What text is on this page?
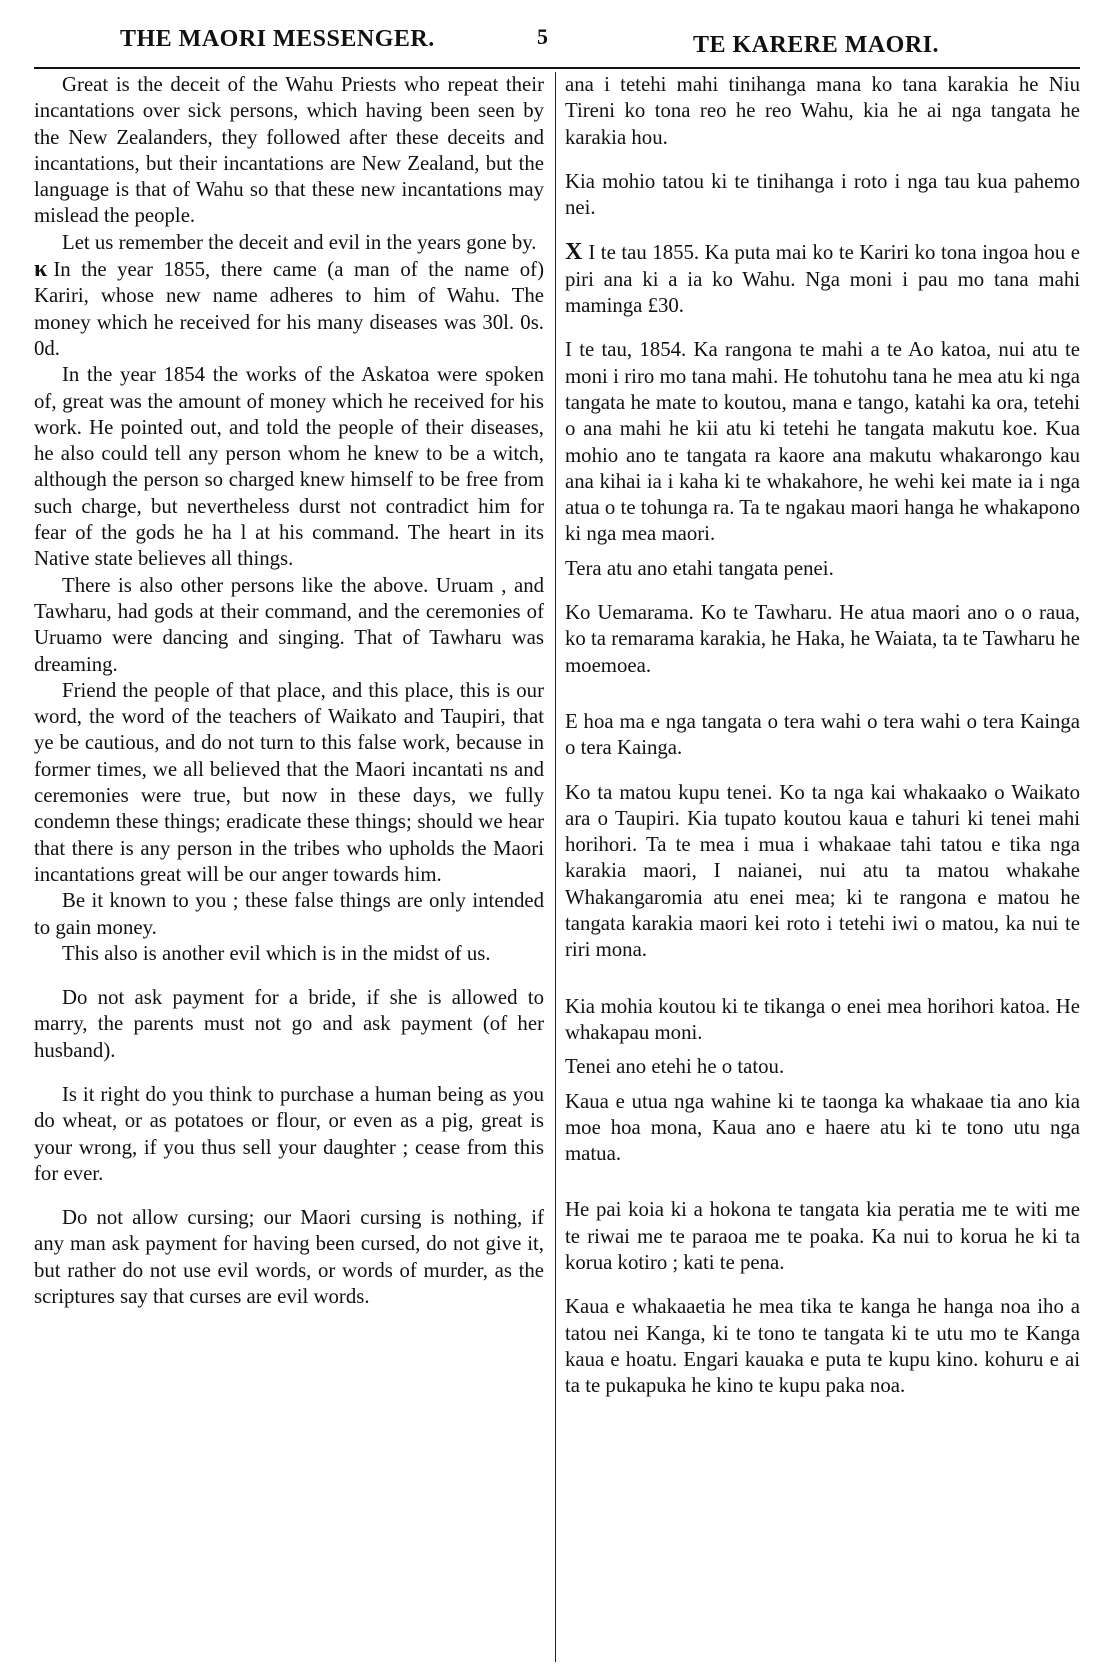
THE MAORI MESSENGER.	5	TE KARERE MAORI.

Great is the deceit of the Wahu Priests who repeat their incantations over sick persons, which having been seen by the New Zealanders, they followed after these deceits and incantations, but their incantations are New Zealand, but the language is that of Wahu so that these new incantations may mislead the people.

Let us remember the deceit and evil in the years gone by.

κ In the year 1855, there came (a man of the name of) Kariri, whose new name adheres to him of Wahu. The money which he received for his many diseases was 30l. 0s. 0d.

In the year 1854 the works of the Askatoa were spoken of, great was the amount of money which he received for his work. He pointed out, and told the people of their diseases, he also could tell any person whom he knew to be a witch, although the person so charged knew himself to be free from such charge, but nevertheless durst not contradict him for fear of the gods he ha l at his command. The heart in its Native state believes all things.

There is also other persons like the above. Uruam , and Tawharu, had gods at their command, and the ceremonies of Uruamo were dancing and singing. That of Tawharu was dreaming.

Friend the people of that place, and this place, this is our word, the word of the teachers of Waikato and Taupiri, that ye be cautious, and do not turn to this false work, because in former times, we all believed that the Maori incantati ns and ceremonies were true, but now in these days, we fully condemn these things; eradicate these things; should we hear that there is any person in the tribes who upholds the Maori incantations great will be our anger towards him.

Be it known to you ; these false things are only intended to gain money.

This also is another evil which is in the midst of us.

Do not ask payment for a bride, if she is allowed to marry, the parents must not go and ask payment (of her husband).

Is it right do you think to purchase a human being as you do wheat, or as potatoes or flour, or even as a pig, great is your wrong, if you thus sell your daughter ; cease from this for ever.

Do not allow cursing; our Maori cursing is nothing, if any man ask payment for having been cursed, do not give it, but rather do not use evil words, or words of murder, as the scriptures say that curses are evil words.

ana i tetehi mahi tinihanga mana ko tana karakia he Niu Tireni ko tona reo he reo Wahu, kia he ai nga tangata he karakia hou.

Kia mohio tatou ki te tinihanga i roto i nga tau kua pahemo nei.

X I te tau 1855. Ka puta mai ko te Kariri ko tona ingoa hou e piri ana ki a ia ko Wahu. Nga moni i pau mo tana mahi maminga £30.

I te tau, 1854. Ka rangona te mahi a te Ao katoa, nui atu te moni i riro mo tana mahi. He tohutohu tana he mea atu ki nga tangata he mate to koutou, mana e tango, katahi ka ora, tetehi o ana mahi he kii atu ki tetehi he tangata makutu koe. Kua mohio ano te tangata ra kaore ana makutu whakarongo kau ana kihai ia i kaha ki te whakahore, he wehi kei mate ia i nga atua o te tohunga ra. Ta te ngakau maori hanga he whakapono ki nga mea maori.

Tera atu ano etahi tangata penei.

Ko Uemarama. Ko te Tawharu. He atua maori ano o o raua, ko ta remarama karakia, he Haka, he Waiata, ta te Tawharu he moemoea.

E hoa ma e nga tangata o tera wahi o tera wahi o tera Kainga o tera Kainga.

Ko ta matou kupu tenei. Ko ta nga kai whakaako o Waikato ara o Taupiri. Kia tupato koutou kaua e tahuri ki tenei mahi horihori. Ta te mea i mua i whakaae tahi tatou e tika nga karakia maori, I naianei, nui atu ta matou whakahe Whakangaromia atu enei mea; ki te rangona e matou he tangata karakia maori kei roto i tetehi iwi o matou, ka nui te riri mona.

Kia mohia koutou ki te tikanga o enei mea horihori katoa. He whakapau moni.

Tenei ano etehi he o tatou.

Kaua e utua nga wahine ki te taonga ka whakaae tia ano kia moe hoa mona, Kaua ano e haere atu ki te tono utu nga matua.

He pai koia ki a hokona te tangata kia peratia me te witi me te riwai me te paraoa me te poaka. Ka nui to korua he ki ta korua kotiro ; kati te pena.

Kaua e whakaaetia he mea tika te kanga he hanga noa iho a tatou nei Kanga, ki te tono te tangata ki te utu mo te Kanga kaua e hoatu. Engari kauaka e puta te kupu kino. kohuru e ai ta te pukapuka he kino te kupu paka noa.
